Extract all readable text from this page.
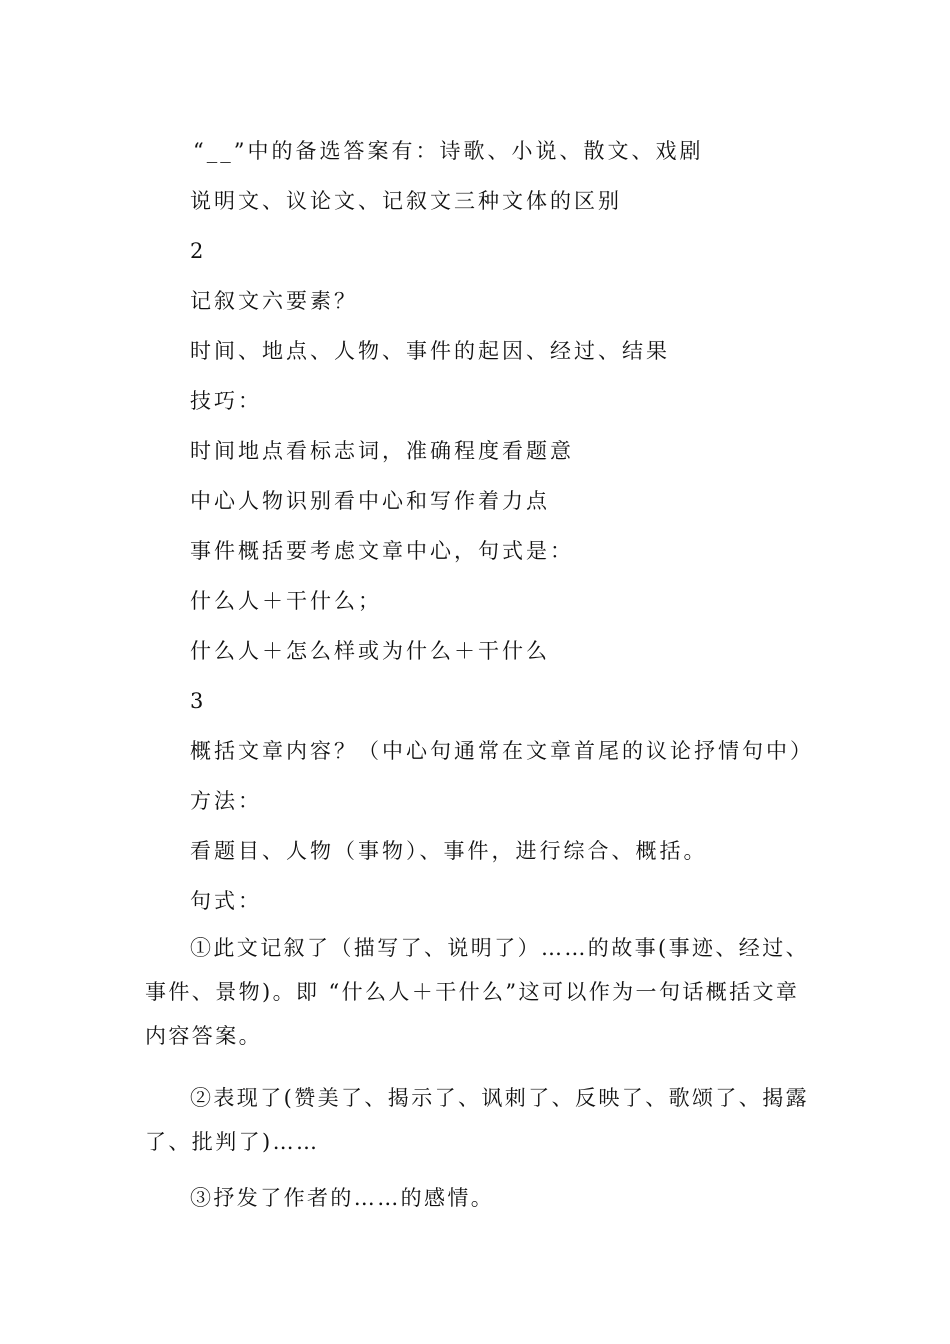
“__”中的备选答案有：诗歌、小说、散文、戏剧
说明文、议论文、记叙文三种文体的区别
2
记叙文六要素？
时间、地点、人物、事件的起因、经过、结果
技巧：
时间地点看标志词，准确程度看题意
中心人物识别看中心和写作着力点
事件概括要考虑文章中心，句式是：
什么人＋干什么；
什么人＋怎么样或为什么＋干什么
3
概括文章内容？（中心句通常在文章首尾的议论抒情句中）
方法：
看题目、人物（事物）、事件，进行综合、概括。
句式：
①此文记叙了（描写了、说明了）……的故事(事迹、经过、事件、景物)。即 “什么人＋干什么”这可以作为一句话概括文章内容答案。
②表现了(赞美了、揭示了、讽刺了、反映了、歌颂了、揭露了、批判了)……
③抒发了作者的……的感情。
